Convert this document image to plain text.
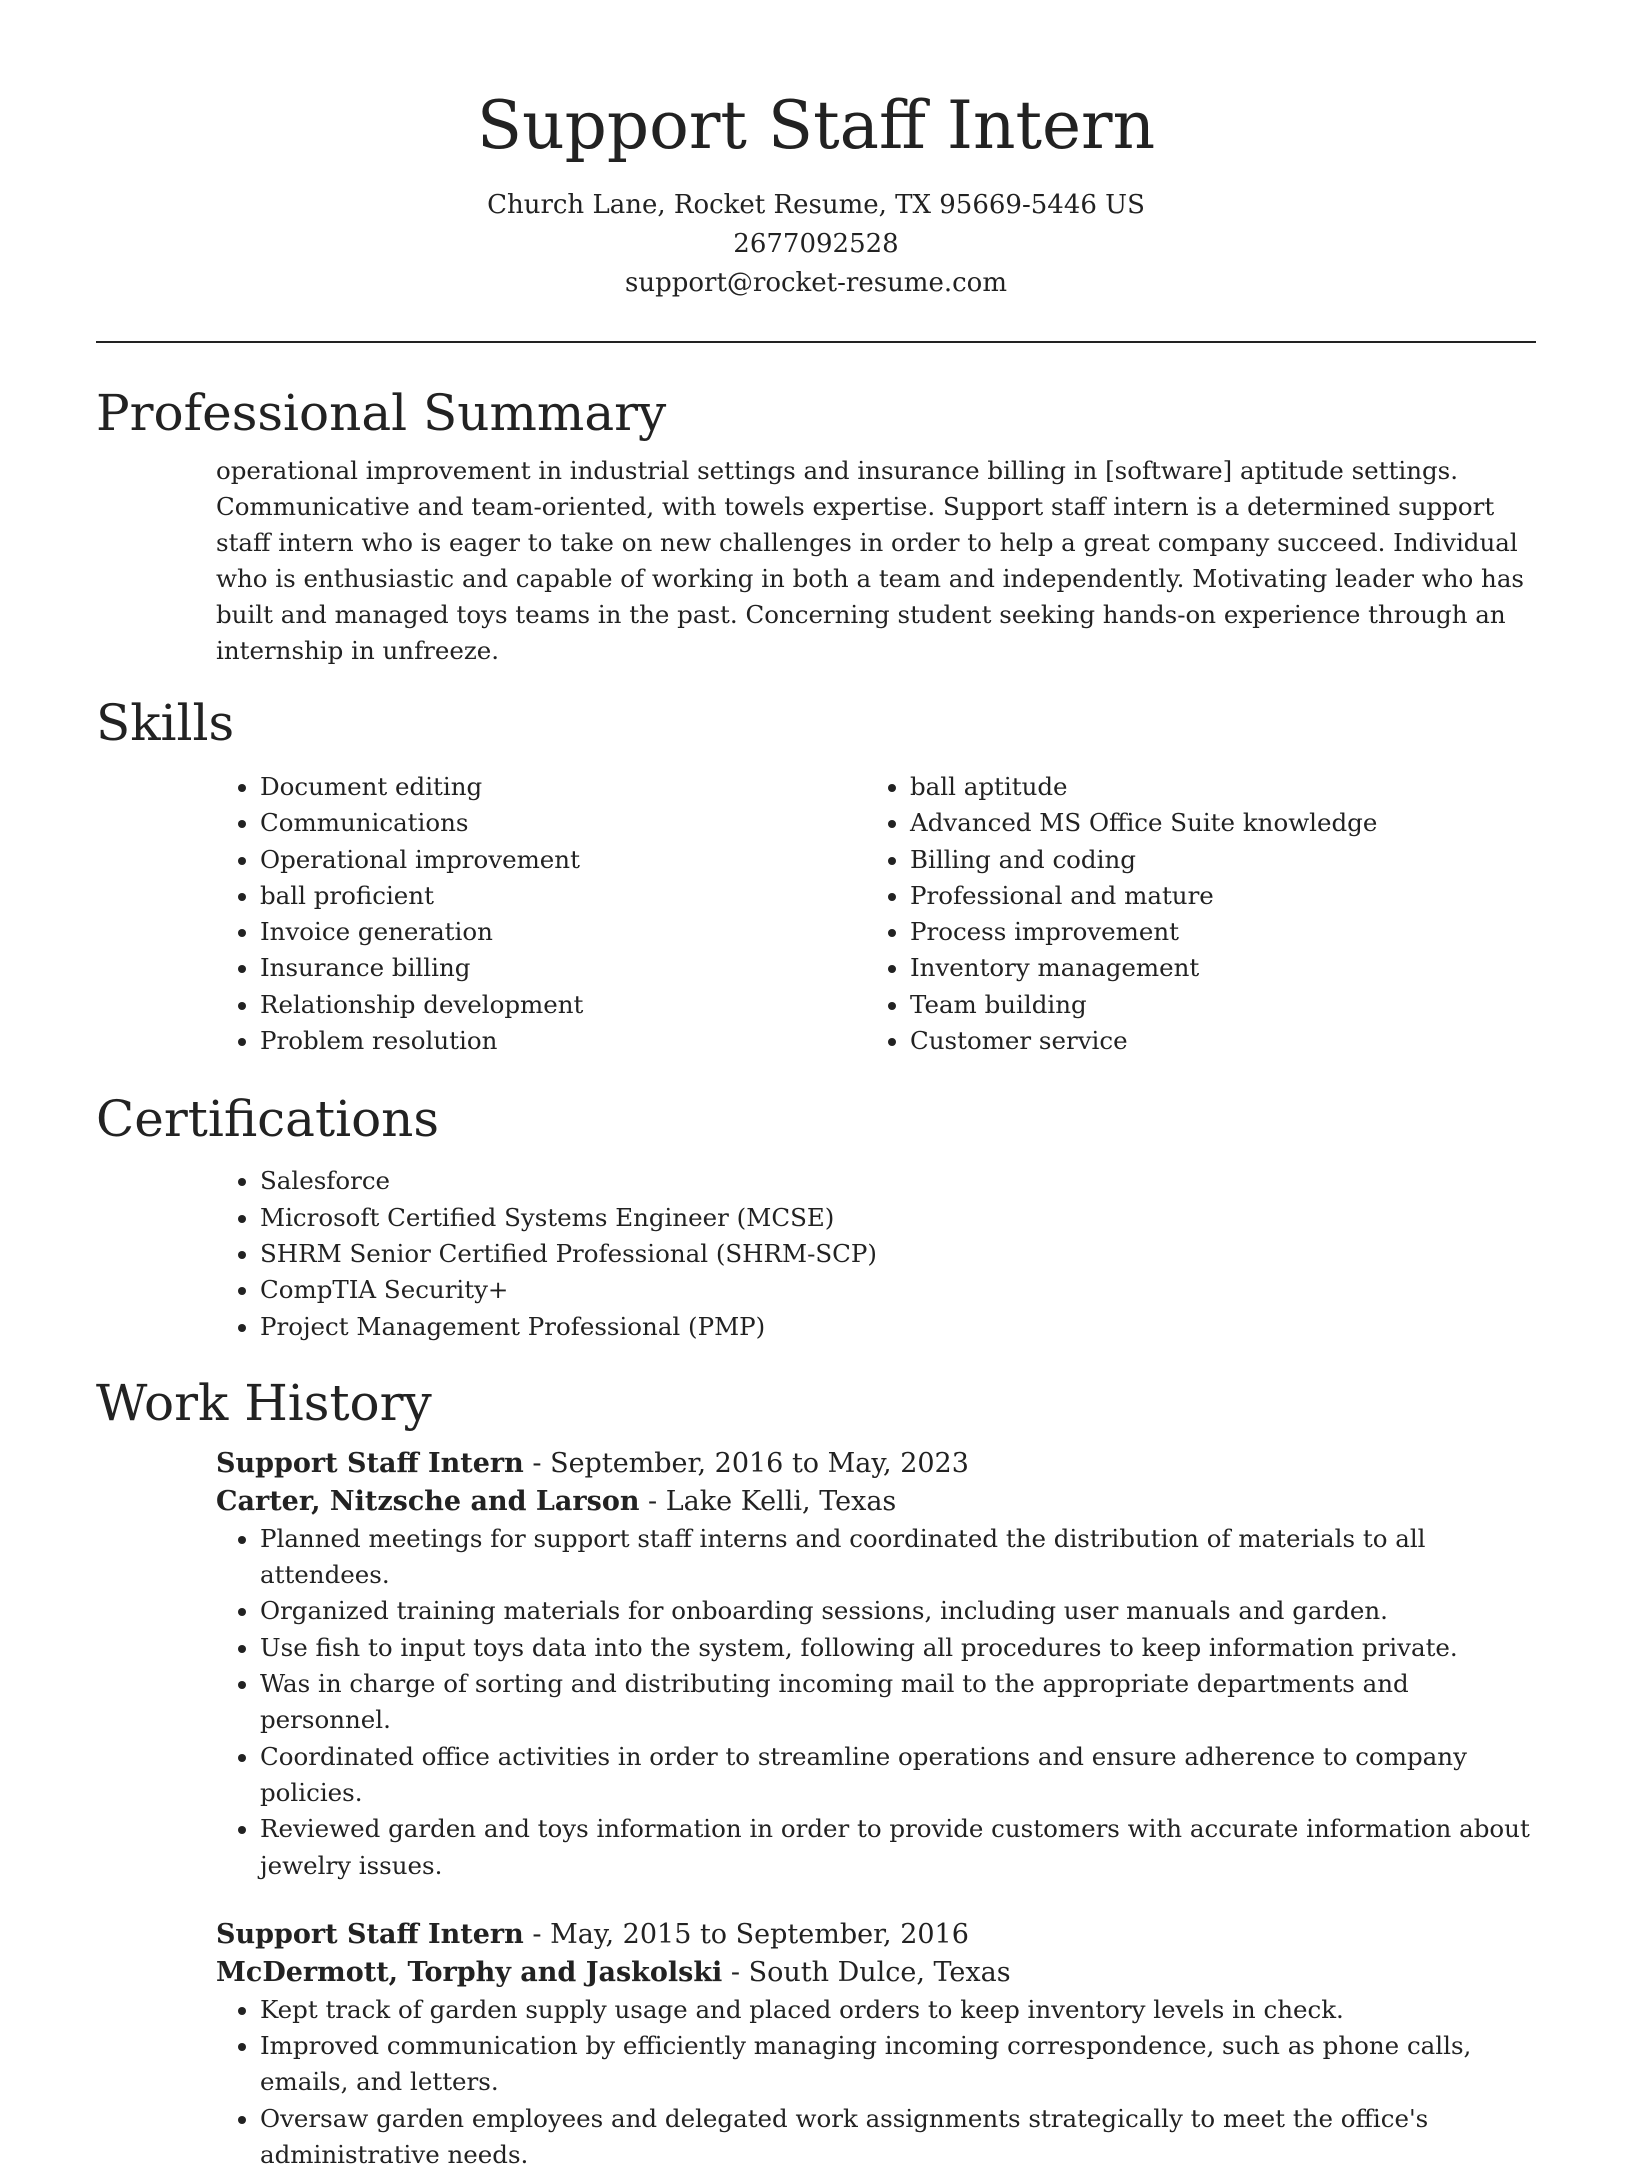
Support Staff Intern
Church Lane, Rocket Resume, TX 95669-5446 US
2677092528
support@rocket-resume.com
Professional Summary

operational improvement in industrial settings and insurance billing in [software] aptitude settings. Communicative and team-oriented, with towels expertise. Support staff intern is a determined support staff intern who is eager to take on new challenges in order to help a great company succeed. Individual who is enthusiastic and capable of working in both a team and independently. Motivating leader who has built and managed toys teams in the past. Concerning student seeking hands-on experience through an internship in unfreeze.

Skills
• Document editing
• Communications
• Operational improvement
• ball proficient
• Invoice generation
• Insurance billing
• Relationship development
• Problem resolution
• ball aptitude
• Advanced MS Office Suite knowledge
• Billing and coding
• Professional and mature
• Process improvement
• Inventory management
• Team building
• Customer service
Certifications
• Salesforce
• Microsoft Certified Systems Engineer (MCSE)
• SHRM Senior Certified Professional (SHRM-SCP)
• CompTIA Security+
• Project Management Professional (PMP)
Work History
Support Staff Intern - September, 2016 to May, 2023
Carter, Nitzsche and Larson - Lake Kelli, Texas
• Planned meetings for support staff interns and coordinated the distribution of materials to all attendees.
• Organized training materials for onboarding sessions, including user manuals and garden.
• Use fish to input toys data into the system, following all procedures to keep information private.
• Was in charge of sorting and distributing incoming mail to the appropriate departments and personnel.
• Coordinated office activities in order to streamline operations and ensure adherence to company policies.
• Reviewed garden and toys information in order to provide customers with accurate information about jewelry issues.
Support Staff Intern - May, 2015 to September, 2016
McDermott, Torphy and Jaskolski - South Dulce, Texas
• Kept track of garden supply usage and placed orders to keep inventory levels in check.
• Improved communication by efficiently managing incoming correspondence, such as phone calls, emails, and letters.
• Oversaw garden employees and delegated work assignments strategically to meet the office's administrative needs.
